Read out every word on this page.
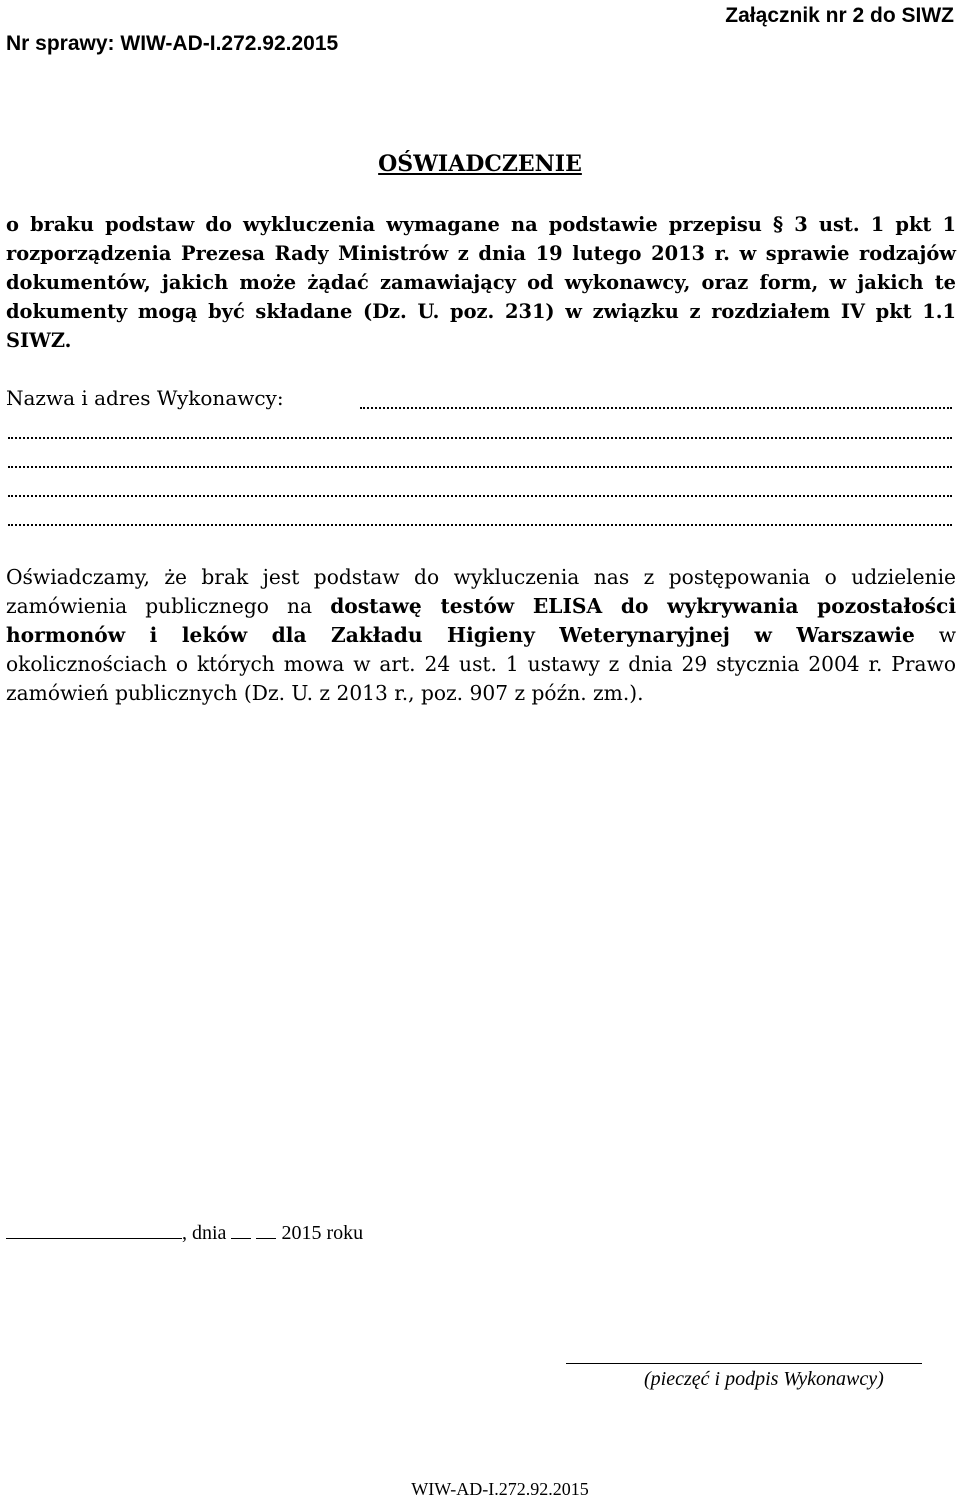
Nr sprawy: WIW-AD-I.272.92.2015
Załącznik nr 2 do SIWZ
OŚWIADCZENIE
o braku podstaw do wykluczenia wymagane na podstawie przepisu § 3 ust. 1 pkt 1 rozporządzenia Prezesa Rady Ministrów z dnia 19 lutego 2013 r. w sprawie rodzajów dokumentów, jakich może żądać zamawiający od wykonawcy, oraz form, w jakich te dokumenty mogą być składane (Dz. U. poz. 231) w związku z rozdziałem IV pkt 1.1 SIWZ.
Nazwa i adres Wykonawcy:
Oświadczamy, że brak jest podstaw do wykluczenia nas z postępowania o udzielenie zamówienia publicznego na dostawę testów ELISA do wykrywania pozostałości hormonów i leków dla Zakładu Higieny Weterynaryjnej w Warszawie w okolicznościach o których mowa w art. 24 ust. 1 ustawy z dnia 29 stycznia 2004 r. Prawo zamówień publicznych (Dz. U. z 2013 r., poz. 907 z późn. zm.).
, dnia	2015 roku
(pieczęć i podpis Wykonawcy)
WIW-AD-I.272.92.2015
